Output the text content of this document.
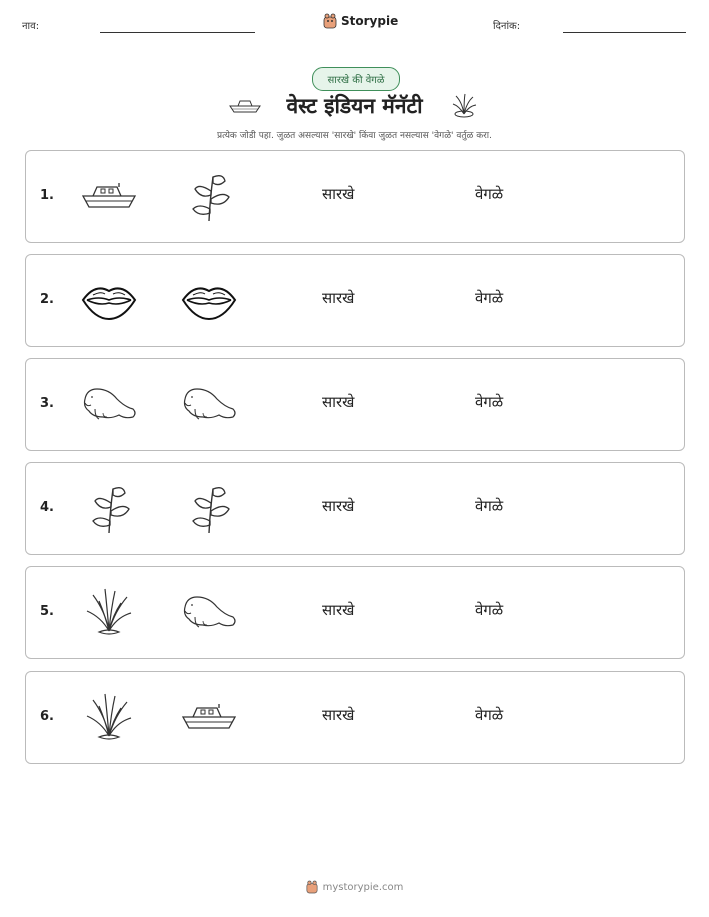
नाव:	Storypie	दिनांक:
सारखे की वेगळे
वेस्ट इंडियन मॅनॅटी
प्रत्येक जोडी पहा. जुळत असल्यास 'सारखे' किंवा जुळत नसल्यास 'वेगळे' वर्तुळ करा.
1.	सारखे	वेगळे
2.	सारखे	वेगळे
3.	सारखे	वेगळे
4.	सारखे	वेगळे
5.	सारखे	वेगळे
6.	सारखे	वेगळे
mystorypie.com
